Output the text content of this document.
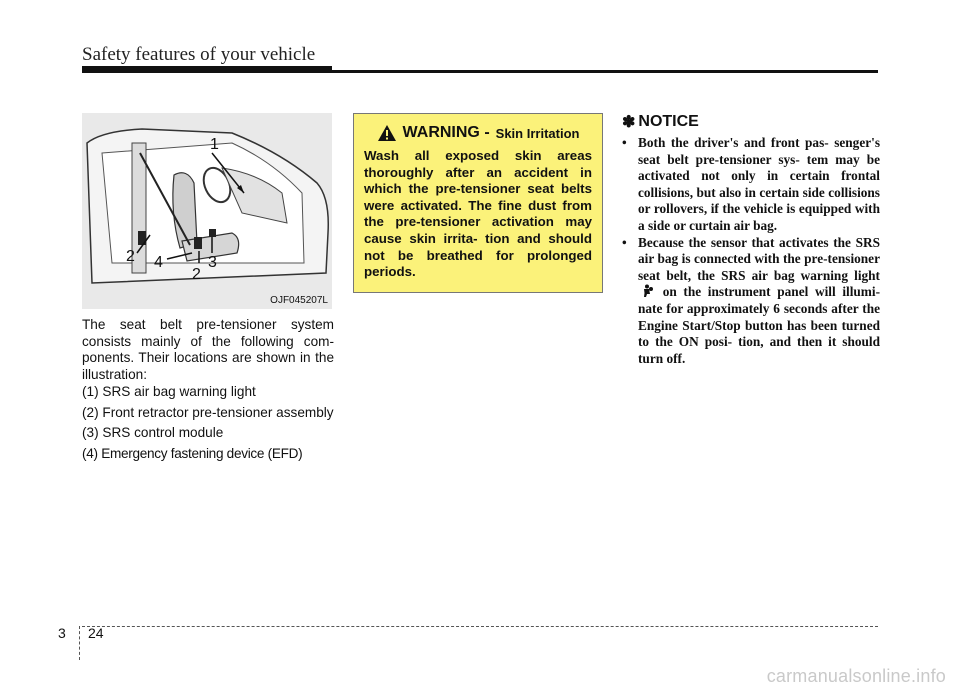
Safety features of your vehicle
1
2 4
2
3
OJF045207L
The seat belt pre-tensioner system consists mainly of the following com- ponents. Their locations are shown in the illustration:
(1) SRS air bag warning light
(2) Front retractor pre-tensioner assembly
(3) SRS control module
(4) Emergency fastening device (EFD)
WARNING - Skin Irritation
Wash all exposed skin areas thoroughly after an accident in which the pre-tensioner seat belts were activated. The fine dust from the pre-tensioner activation may cause skin irrita- tion and should not be breathed for prolonged periods.
✽ NOTICE
• Both the driver's and front pas- senger's seat belt pre-tensioner sys- tem may be activated not only in certain frontal collisions, but also in certain side collisions or rollovers, if the vehicle is equipped with a side or curtain air bag.
• Because the sensor that activates the SRS air bag is connected with the pre-tensioner seat belt, the SRS air bag warning light  on the instrument panel will illumi- nate for approximately 6 seconds after the Engine Start/Stop button has been turned to the ON posi- tion, and then it should turn off.
3 24
carmanualsonline.info
